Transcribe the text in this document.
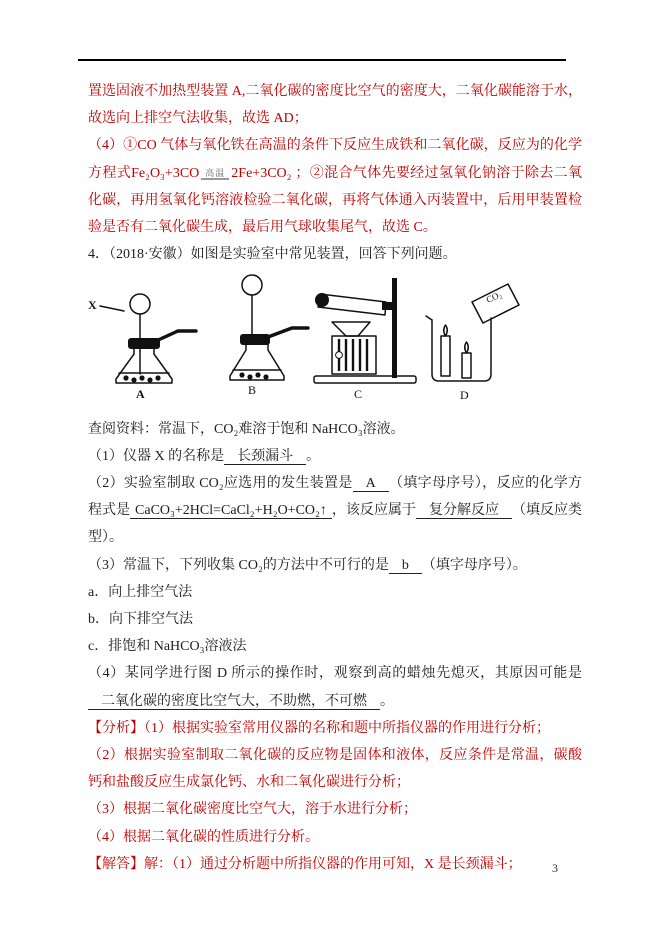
置选固液不加热型装置 A,二氧化碳的密度比空气的密度大，二氧化碳能溶于水，故选向上排空气法收集，故选 AD；

（4）①CO 气体与氧化铁在高温的条件下反应生成铁和二氧化碳，反应为的化学方程式Fe₂O₃+3CO 高温 2Fe+3CO₂ ；②混合气体先要经过氢氧化钠溶于除去二氧化碳，再用氢氧化钙溶液检验二氧化碳，再将气体通入丙装置中，后用甲装置检验是否有二氧化碳生成，最后用气球收集尾气，故选 C。

4．（2018·安徽）如图是实验室中常见装置，回答下列问题。

X
A	B	C
CO₂
D

查阅资料：常温下，CO₂难溶于饱和 NaHCO₃溶液。

（1）仪器 X 的名称是 长颈漏斗 。

（2）实验室制取 CO₂应选用的发生装置是 A （填字母序号），反应的化学方程式是 CaCO₃+2HCl=CaCl₂+H₂O+CO₂↑ ，该反应属于 复分解反应 （填反应类型）。

（3）常温下，下列收集 CO₂的方法中不可行的是 b （填字母序号）。

a．向上排空气法

b．向下排空气法

c．排饱和 NaHCO₃溶液法

（4）某同学进行图 D 所示的操作时，观察到高的蜡烛先熄灭，其原因可能是二氧化碳的密度比空气大，不助燃，不可燃 。

【分析】（1）根据实验室常用仪器的名称和题中所指仪器的作用进行分析；

（2）根据实验室制取二氧化碳的反应物是固体和液体，反应条件是常温，碳酸钙和盐酸反应生成氯化钙、水和二氧化碳进行分析；

（3）根据二氧化碳密度比空气大，溶于水进行分析；

（4）根据二氧化碳的性质进行分析。

【解答】解：（1）通过分析题中所指仪器的作用可知，X 是长颈漏斗；	3
